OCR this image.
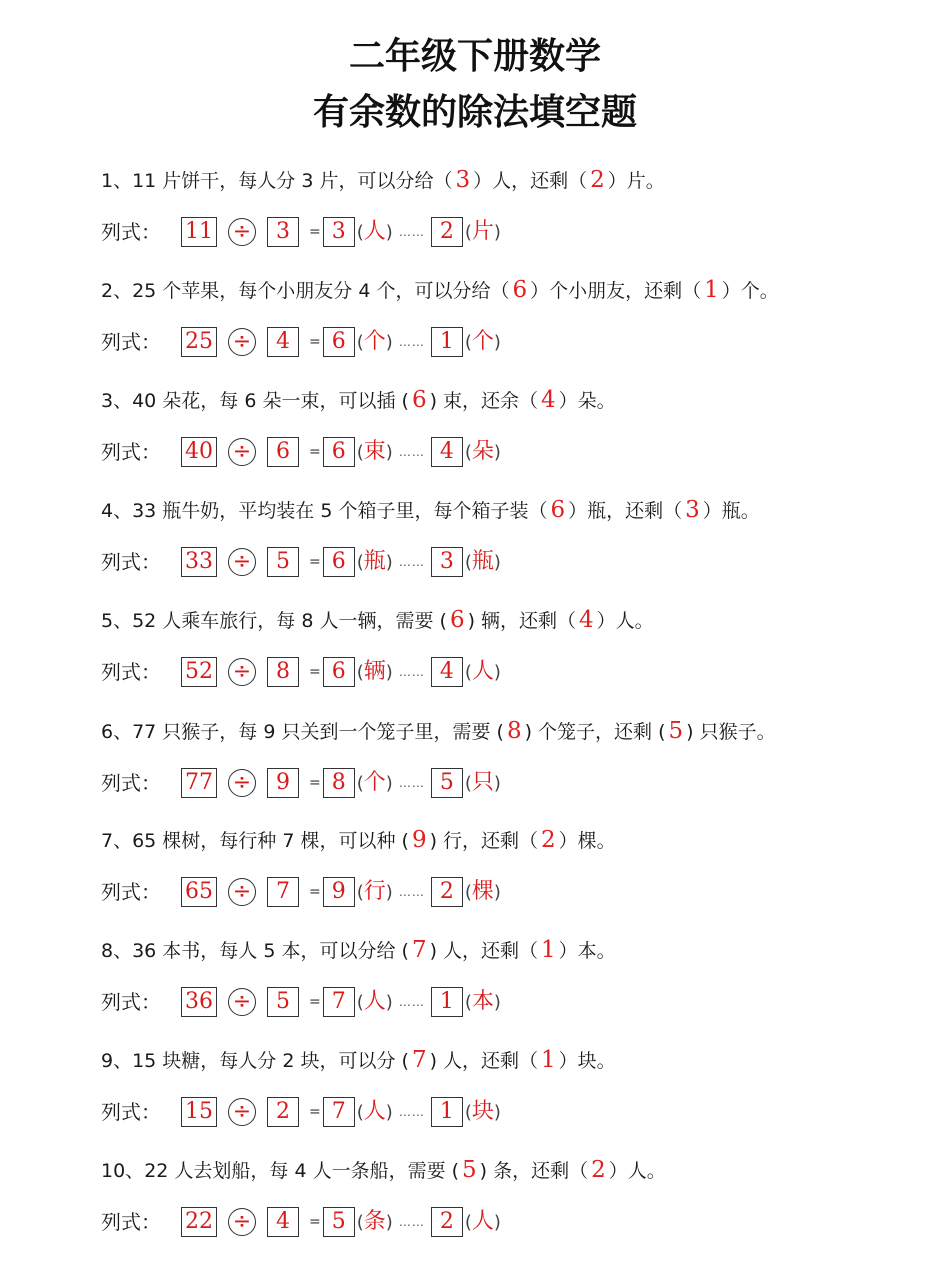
二年级下册数学
有余数的除法填空题
1、11 片饼干，每人分 3 片，可以分给（ 3 ）人，还剩（ 2 ）片。
列式：	11 ÷	3	= 3 (人) …… 2 (片)
2、25 个苹果，每个小朋友分 4 个，可以分给（ 6 ）个小朋友，还剩（ 1 ）个。
列式：	25 ÷	4	= 6 (个) …… 1 (个)
3、40 朵花，每 6 朵一束，可以插 ( 6 ) 束，还余（ 4 ）朵。
列式：	40 ÷	6	= 6 (束) …… 4 (朵)
4、33 瓶牛奶，平均装在 5 个箱子里，每个箱子装（ 6 ）瓶，还剩（ 3 ）瓶。
列式：	33 ÷	5	= 6 (瓶) …… 3 (瓶)
5、52 人乘车旅行，每 8 人一辆，需要 ( 6 ) 辆，还剩（ 4 ）人。
列式：	52 ÷	8	= 6 (辆) …… 4 (人)
6、77 只猴子，每 9 只关到一个笼子里，需要 ( 8 ) 个笼子，还剩 ( 5 ) 只猴子。
列式：	77 ÷	9	= 8 (个) …… 5 (只)
7、65 棵树，每行种 7 棵，可以种 ( 9 ) 行，还剩（ 2 ）棵。
列式：	65 ÷	7	= 9 (行) …… 2 (棵)
8、36 本书，每人 5 本，可以分给 ( 7 ) 人，还剩（ 1 ）本。
列式：	36 ÷	5	= 7 (人) …… 1 (本)
9、15 块糖，每人分 2 块，可以分 ( 7 ) 人，还剩（ 1 ）块。
列式：	15 ÷	2	= 7 (人) …… 1 (块)
10、22 人去划船，每 4 人一条船，需要 ( 5 ) 条，还剩（ 2 ）人。
列式：	22 ÷	4	= 5 (条) …… 2 (人)
